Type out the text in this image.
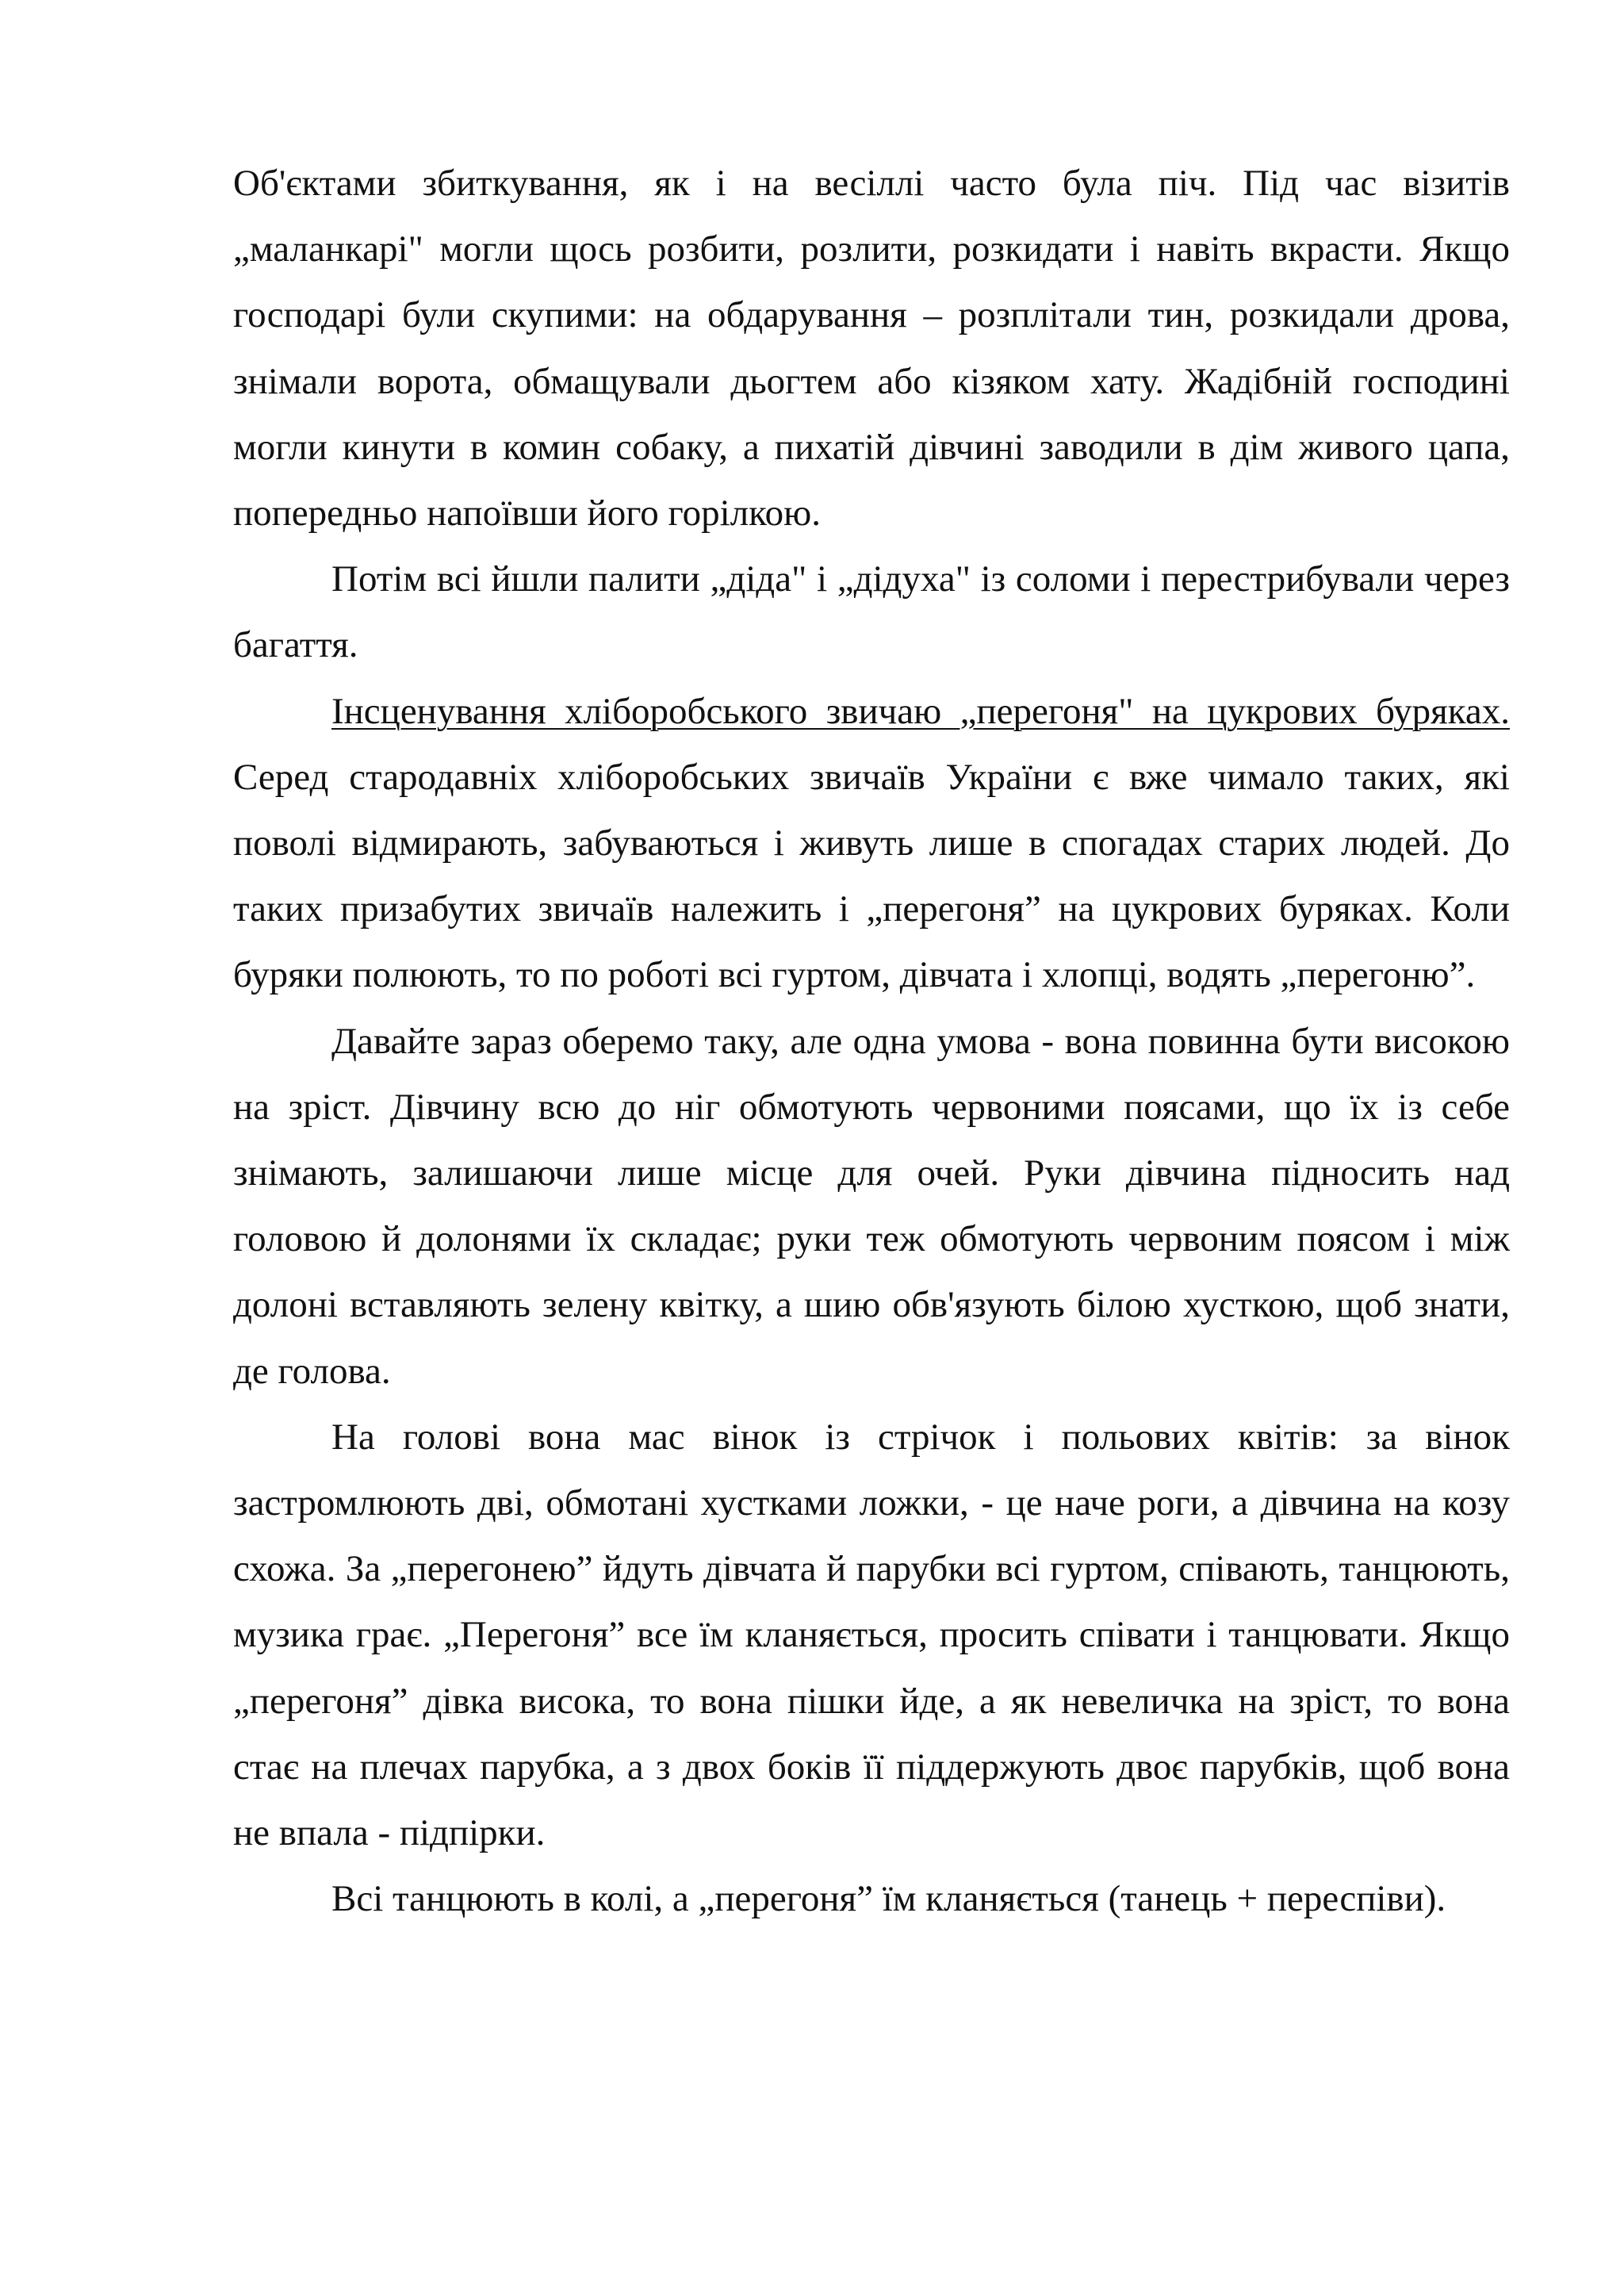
Об'єктами збиткування, як і на весіллі часто була піч. Під час візитів „маланкарі" могли щось розбити, розлити, розкидати і навіть вкрасти. Якщо господарі були скупими: на обдарування – розплітали тин, розкидали дрова, знімали ворота, обмащували дьогтем або кізяком хату. Жадібній господині могли кинути в комин собаку, а пихатій дівчині заводили в дім живого цапа, попередньо напоївши його горілкою.

Потім всі йшли палити „діда" і „дідуха" із соломи і перестрибували через багаття.

Інсценування хліборобського звичаю „перегоня" на цукрових буряках. Серед стародавніх хліборобських звичаїв України є вже чимало таких, які поволі відмирають, забуваються і живуть лише в спогадах старих людей. До таких призабутих звичаїв належить і „перегоня” на цукрових буряках. Коли буряки полюють, то по роботі всі гуртом, дівчата і хлопці, водять „перегоню”.

Давайте зараз оберемо таку, але одна умова - вона повинна бути високою на зріст. Дівчину всю до ніг обмотують червоними поясами, що їх із себе знімають, залишаючи лише місце для очей. Руки дівчина підносить над головою й долонями їх складає; руки теж обмотують червоним поясом і між долоні вставляють зелену квітку, а шию обв'язують білою хусткою, щоб знати, де голова.

На голові вона мас вінок із стрічок і польових квітів: за вінок застромлюють дві, обмотані хустками ложки, - це наче роги, а дівчина на козу схожа. За „перегонею” йдуть дівчата й парубки всі гуртом, співають, танцюють, музика грає. „Перегоня” все їм кланяється, просить співати і танцювати. Якщо „перегоня” дівка висока, то вона пішки йде, а як невеличка на зріст, то вона стає на плечах парубка, а з двох боків її піддержують двоє парубків, щоб вона не впала - підпірки.

Всі танцюють в колі, а „перегоня” їм кланяється (танець + переспіви).
